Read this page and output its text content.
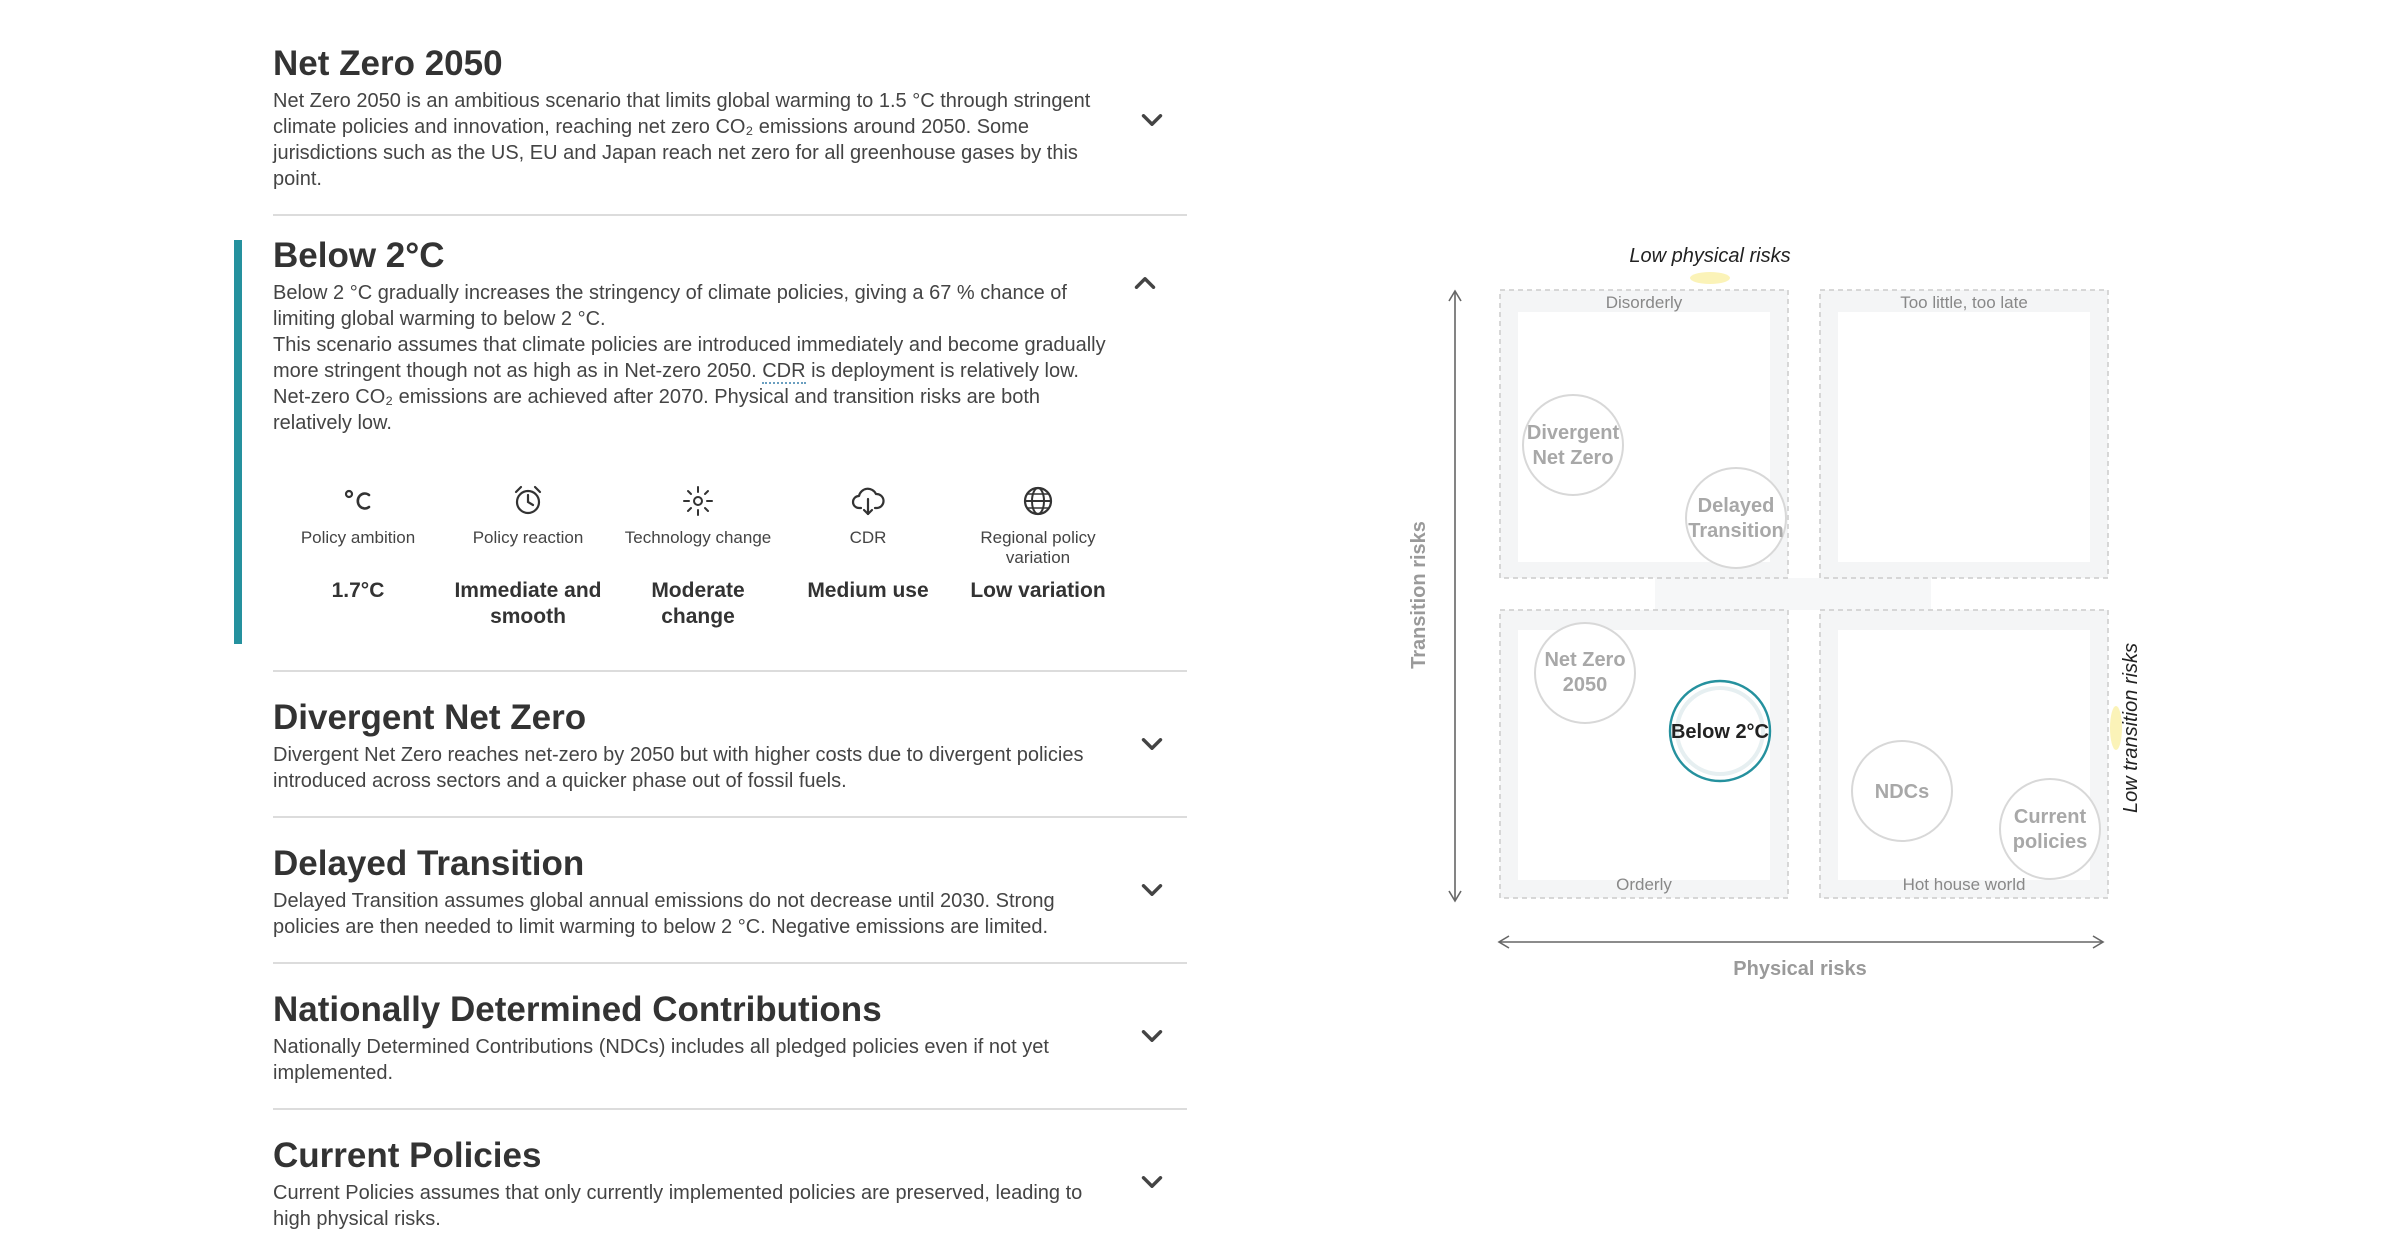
Net Zero 2050
Net Zero 2050 is an ambitious scenario that limits global warming to 1.5 °C through stringent climate policies and innovation, reaching net zero CO₂ emissions around 2050. Some jurisdictions such as the US, EU and Japan reach net zero for all greenhouse gases by this point.
Below 2°C

Below 2 °C gradually increases the stringency of climate policies, giving a 67 % chance of limiting global warming to below 2 °C.

This scenario assumes that climate policies are introduced immediately and become gradually more stringent though not as high as in Net-zero 2050. CDR is deployment is relatively low. Net-zero CO₂ emissions are achieved after 2070. Physical and transition risks are both relatively low.

Policy ambition
1.7°C
Policy reaction
Immediate and smooth
Technology change
Moderate change
CDR
Medium use
Regional policy variation
Low variation
Divergent Net Zero
Divergent Net Zero reaches net-zero by 2050 but with higher costs due to divergent policies introduced across sectors and a quicker phase out of fossil fuels.
Delayed Transition
Delayed Transition assumes global annual emissions do not decrease until 2030. Strong policies are then needed to limit warming to below 2 °C. Negative emissions are limited.
Nationally Determined Contributions
Nationally Determined Contributions (NDCs) includes all pledged policies even if not yet implemented.
Current Policies
Current Policies assumes that only currently implemented policies are preserved, leading to high physical risks.
Low physical risks
Low transition risks
Transition risks
Physical risks
Disorderly	Too little, too late
Orderly	Hot house world
Divergent
Net Zero
Delayed
Transition
Net Zero
2050
Below 2°C
NDCs
Current
policies
